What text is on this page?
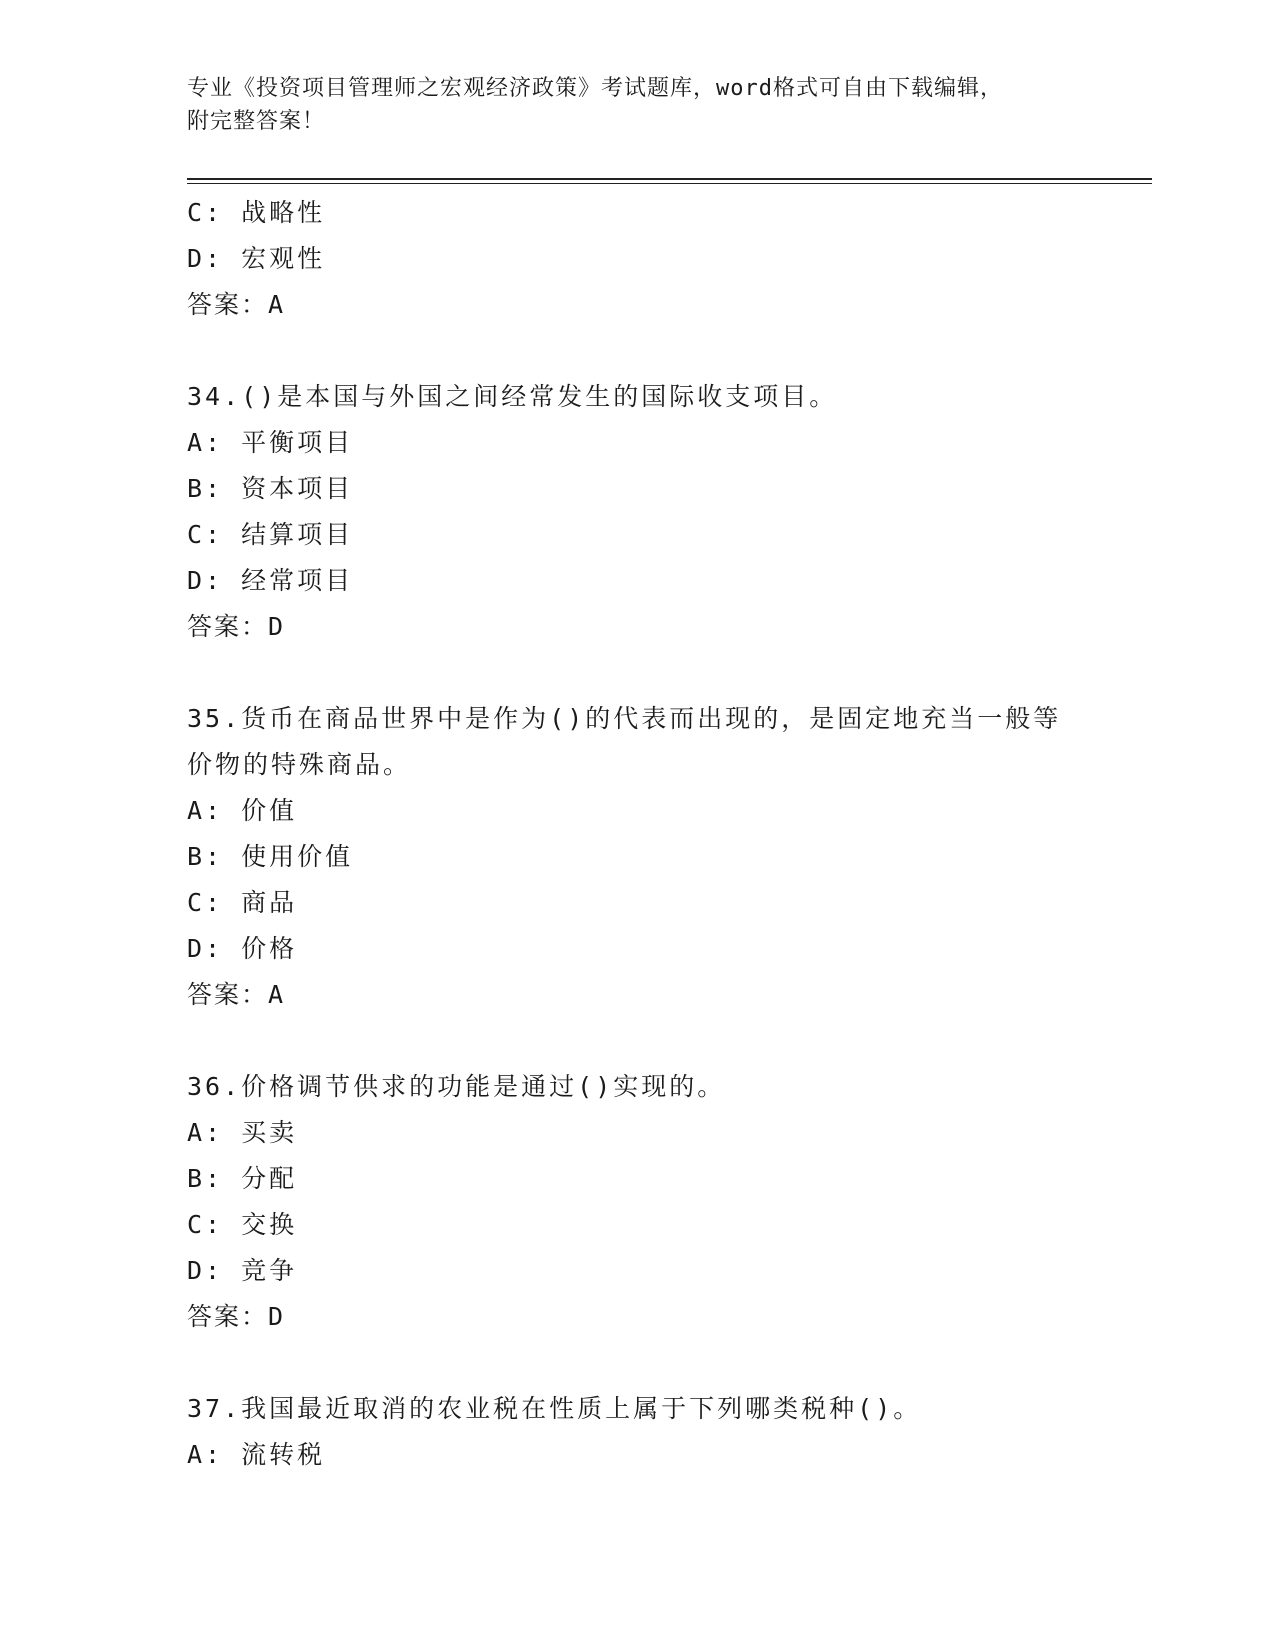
专业《投资项目管理师之宏观经济政策》考试题库，word格式可自由下载编辑，
附完整答案！
C: 战略性
D: 宏观性
答案：A
34.()是本国与外国之间经常发生的国际收支项目。
A: 平衡项目
B: 资本项目
C: 结算项目
D: 经常项目
答案：D
35.货币在商品世界中是作为()的代表而出现的，是固定地充当一般等
价物的特殊商品。
A: 价值
B: 使用价值
C: 商品
D: 价格
答案：A
36.价格调节供求的功能是通过()实现的。
A: 买卖
B: 分配
C: 交换
D: 竞争
答案：D
37.我国最近取消的农业税在性质上属于下列哪类税种()。
A: 流转税
